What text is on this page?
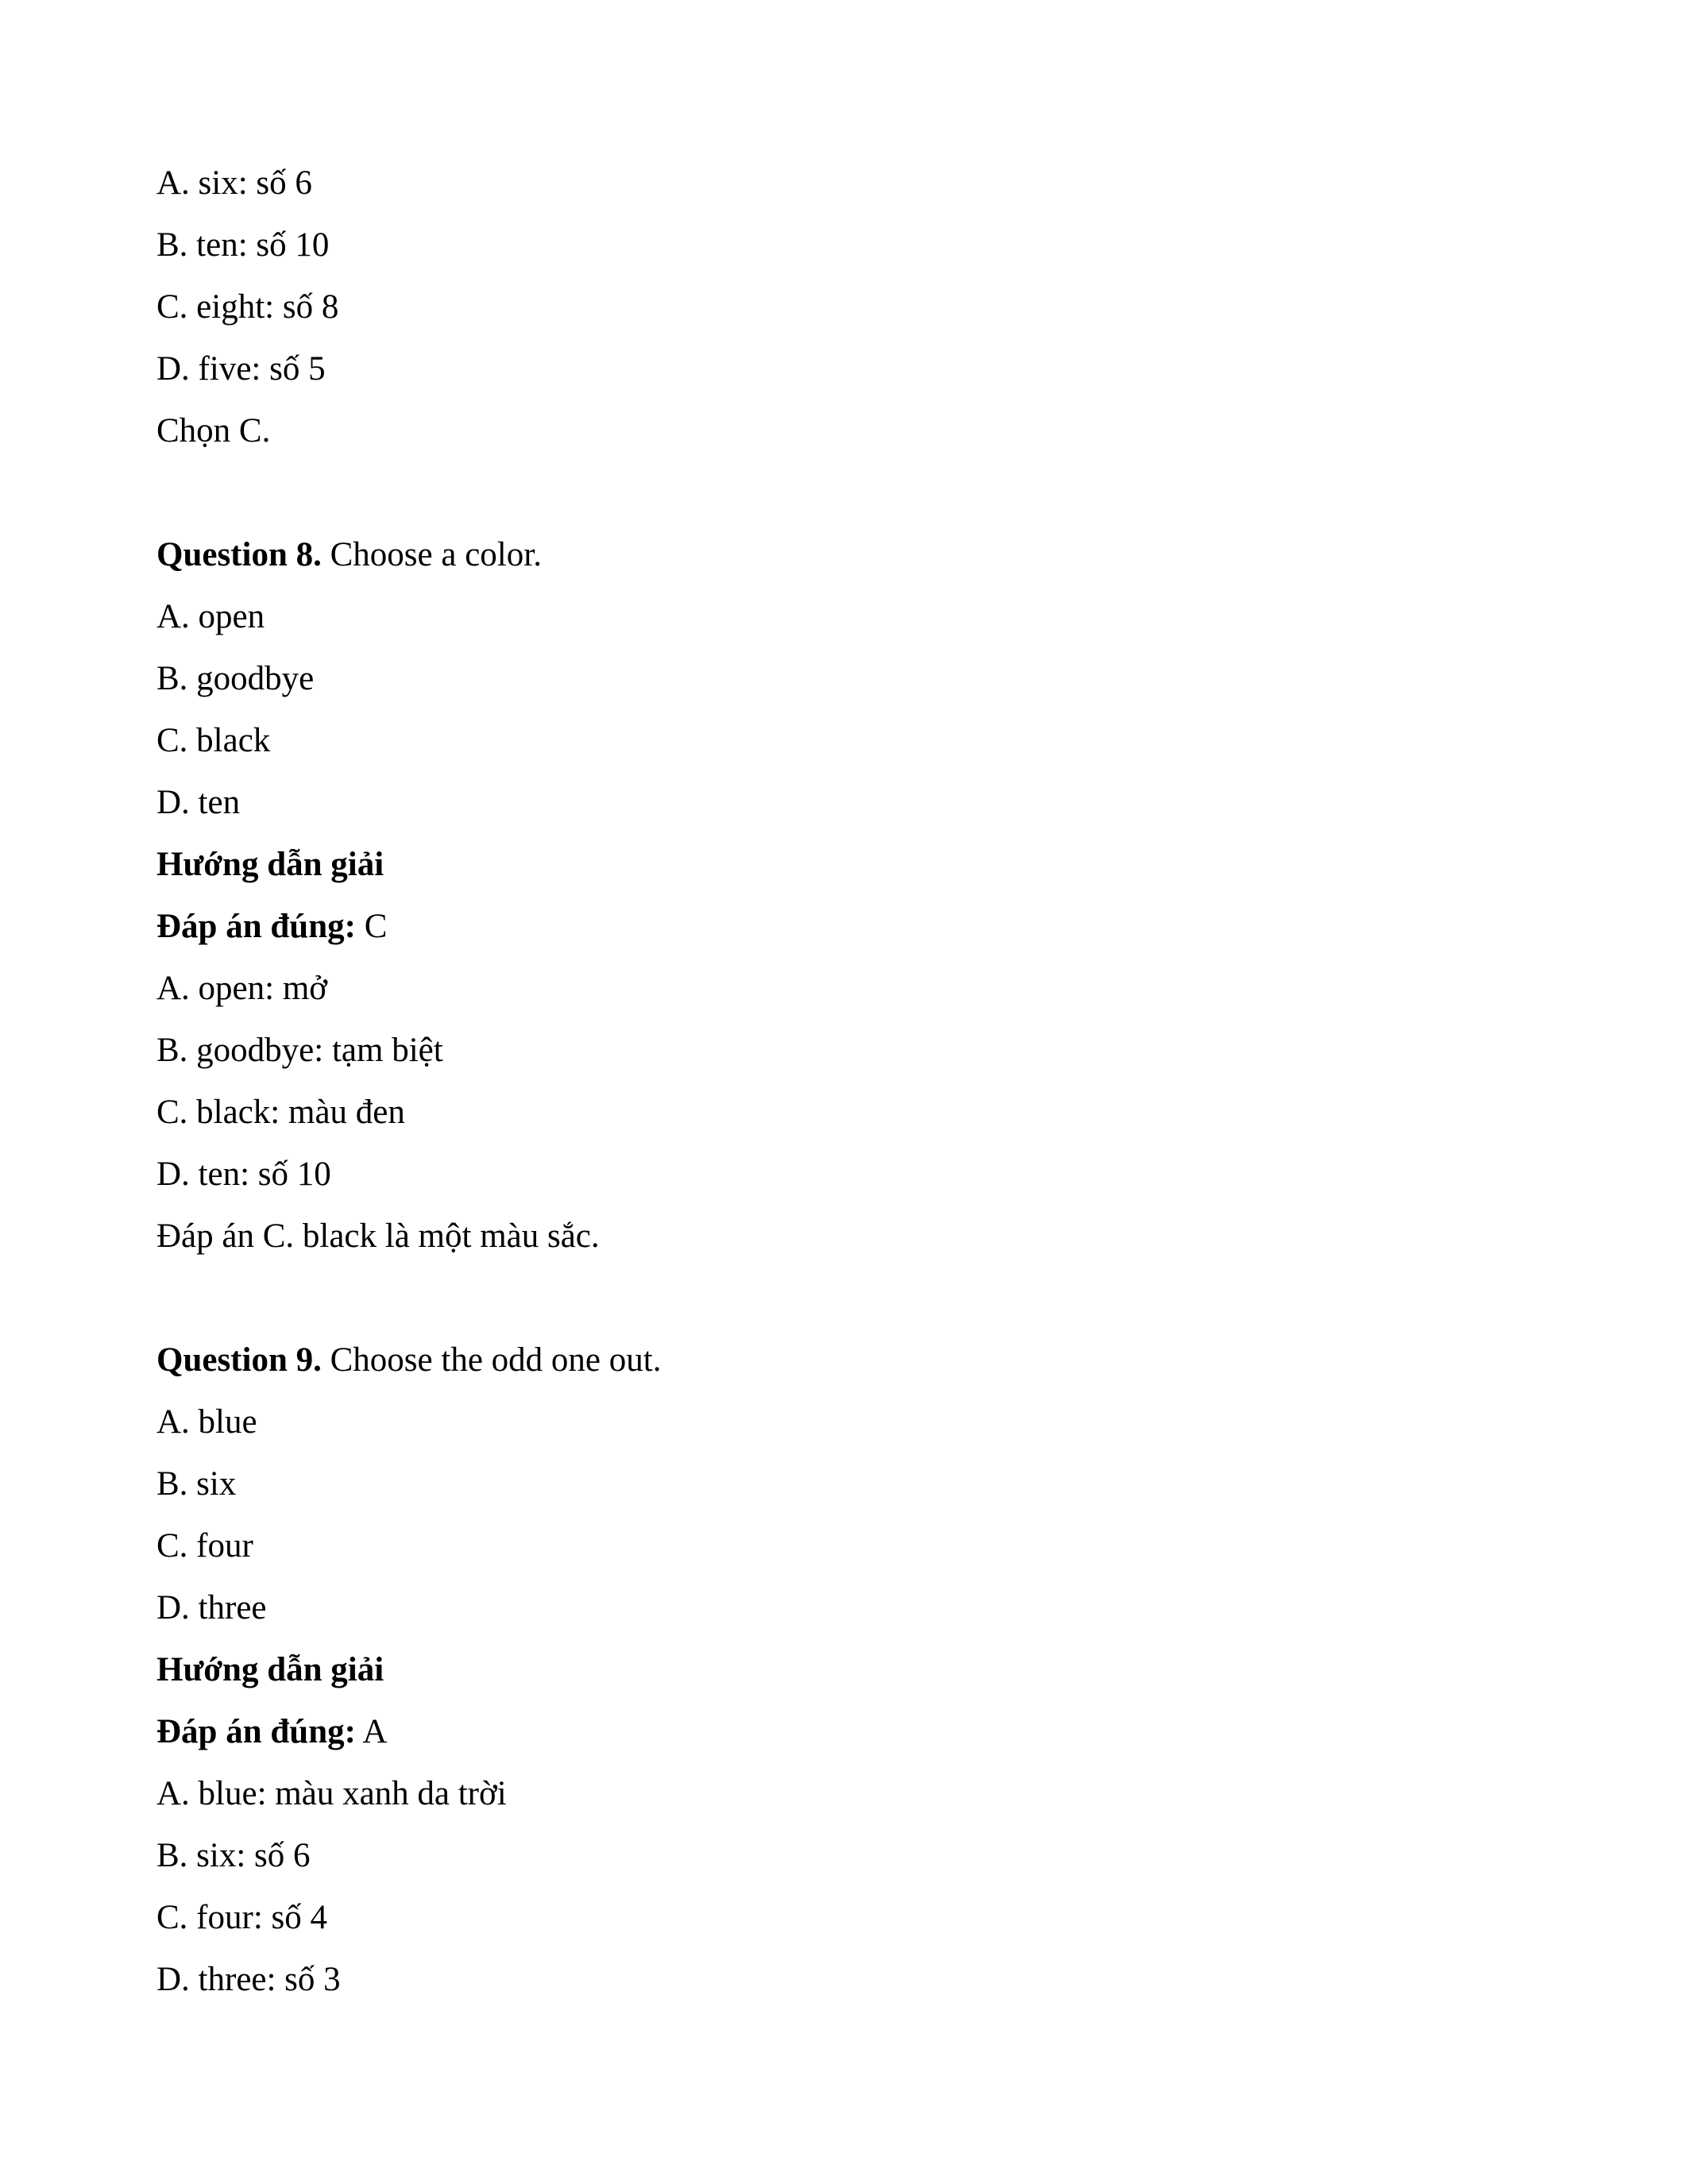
A. six: số 6
B. ten: số 10
C. eight: số 8
D. five: số 5
Chọn C.
Question 8. Choose a color.
A. open
B. goodbye
C. black
D. ten
Hướng dẫn giải
Đáp án đúng: C
A. open: mở
B. goodbye: tạm biệt
C. black: màu đen
D. ten: số 10
Đáp án C. black là một màu sắc.
Question 9. Choose the odd one out.
A. blue
B. six
C. four
D. three
Hướng dẫn giải
Đáp án đúng: A
A. blue: màu xanh da trời
B. six: số 6
C. four: số 4
D. three: số 3
